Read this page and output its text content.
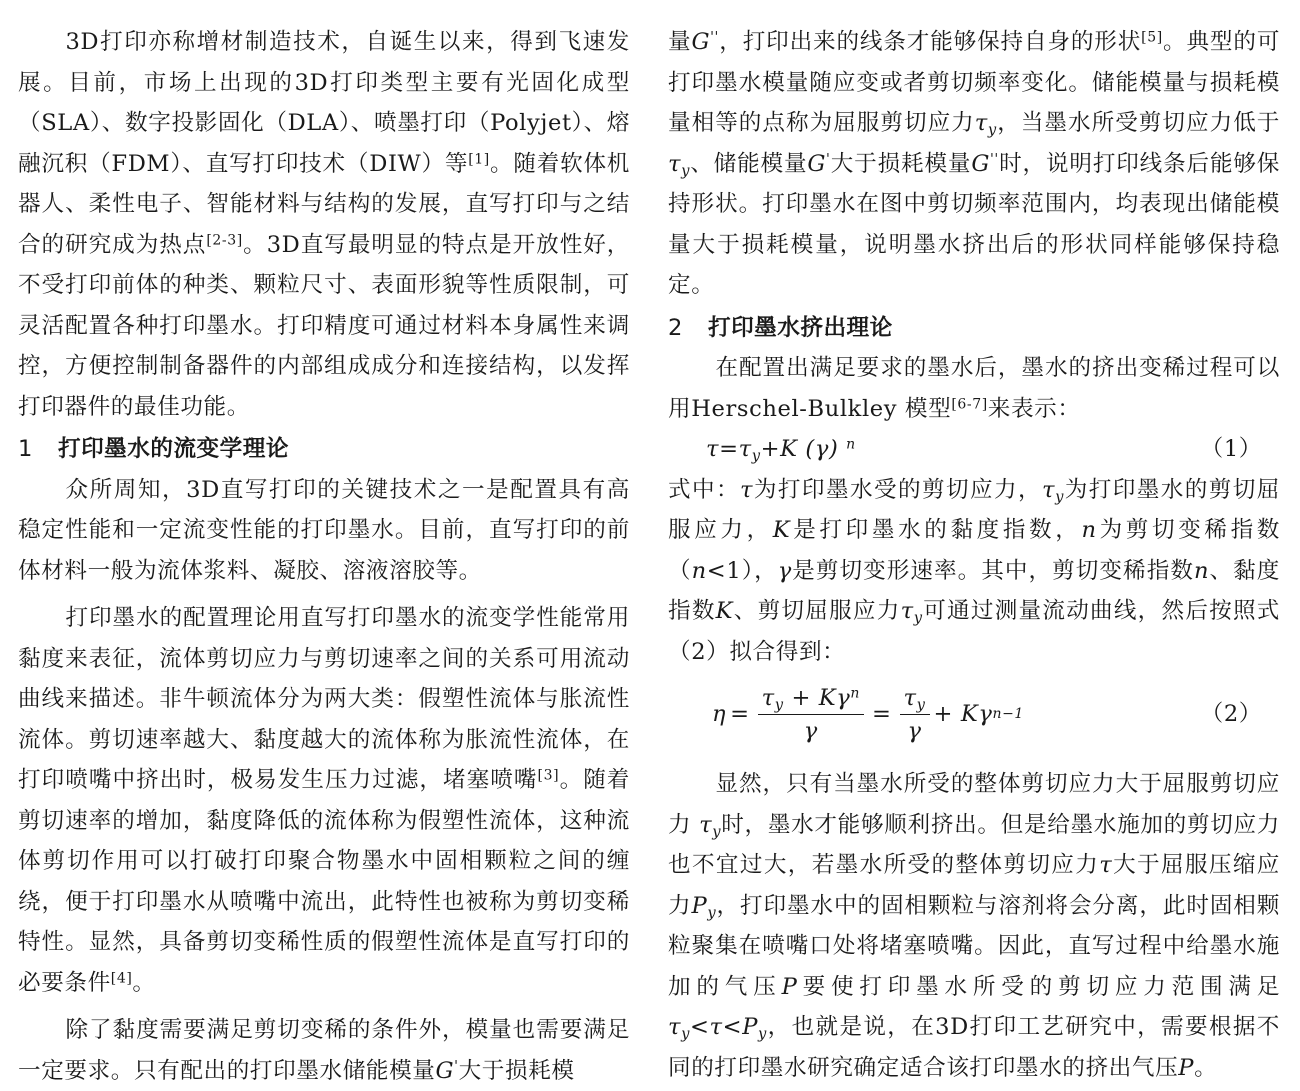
3D打印亦称增材制造技术，自诞生以来，得到飞速发展。目前，市场上出现的3D打印类型主要有光固化成型（SLA）、数字投影固化（DLA）、喷墨打印（Polyjet）、熔融沉积（FDM）、直写打印技术（DIW）等[1]。随着软体机器人、柔性电子、智能材料与结构的发展，直写打印与之结合的研究成为热点[2-3]。3D直写最明显的特点是开放性好，不受打印前体的种类、颗粒尺寸、表面形貌等性质限制，可灵活配置各种打印墨水。打印精度可通过材料本身属性来调控，方便控制制备器件的内部组成成分和连接结构，以发挥打印器件的最佳功能。

1 打印墨水的流变学理论

众所周知，3D直写打印的关键技术之一是配置具有高稳定性能和一定流变性能的打印墨水。目前，直写打印的前体材料一般为流体浆料、凝胶、溶液溶胶等。

打印墨水的配置理论用直写打印墨水的流变学性能常用黏度来表征，流体剪切应力与剪切速率之间的关系可用流动曲线来描述。非牛顿流体分为两大类：假塑性流体与胀流性流体。剪切速率越大、黏度越大的流体称为胀流性流体，在打印喷嘴中挤出时，极易发生压力过滤，堵塞喷嘴[3]。随着剪切速率的增加，黏度降低的流体称为假塑性流体，这种流体剪切作用可以打破打印聚合物墨水中固相颗粒之间的缠绕，便于打印墨水从喷嘴中流出，此特性也被称为剪切变稀特性。显然，具备剪切变稀性质的假塑性流体是直写打印的必要条件[4]。

除了黏度需要满足剪切变稀的条件外，模量也需要满足一定要求。只有配出的打印墨水储能模量G'大于损耗模

量G''，打印出来的线条才能够保持自身的形状[5]。典型的可打印墨水模量随应变或者剪切频率变化。储能模量与损耗模量相等的点称为屈服剪切应力$\tau_y$，当墨水所受剪切应力低于$\tau_y$、储能模量G'大于损耗模量G''时，说明打印线条后能够保持形状。打印墨水在图中剪切频率范围内，均表现出储能模量大于损耗模量，说明墨水挤出后的形状同样能够保持稳定。

2 打印墨水挤出理论

在配置出满足要求的墨水后，墨水的挤出变稀过程可以用Herschel-Bulkley 模型[6-7]来表示：

$\tau=\tau_y+K$ (γ) $^n$	（1）

式中：τ为打印墨水受的剪切应力，$\tau_y$为打印墨水的剪切屈服应力，K是打印墨水的黏度指数，n为剪切变稀指数（n<1），γ是剪切变形速率。其中，剪切变稀指数n、黏度指数K、剪切屈服应力$\tau_y$可通过测量流动曲线，然后按照式（2）拟合得到：

$\eta = \frac{\tau_y + K\gamma^n}{\gamma} = \frac{\tau_y}{\gamma} + K\gamma$ n−1	（2）

显然，只有当墨水所受的整体剪切应力大于屈服剪切应力 $\tau_y$时，墨水才能够顺利挤出。但是给墨水施加的剪切应力也不宜过大，若墨水所受的整体剪切应力τ大于屈服压缩应力$P_y$，打印墨水中的固相颗粒与溶剂将会分离，此时固相颗粒聚集在喷嘴口处将堵塞喷嘴。因此，直写过程中给墨水施加的气压P要使打印墨水所受的剪切应力范围满足$\tau_y<\tau<P_y$，也就是说，在3D打印工艺研究中，需要根据不同的打印墨水研究确定适合该打印墨水的挤出气压P。
